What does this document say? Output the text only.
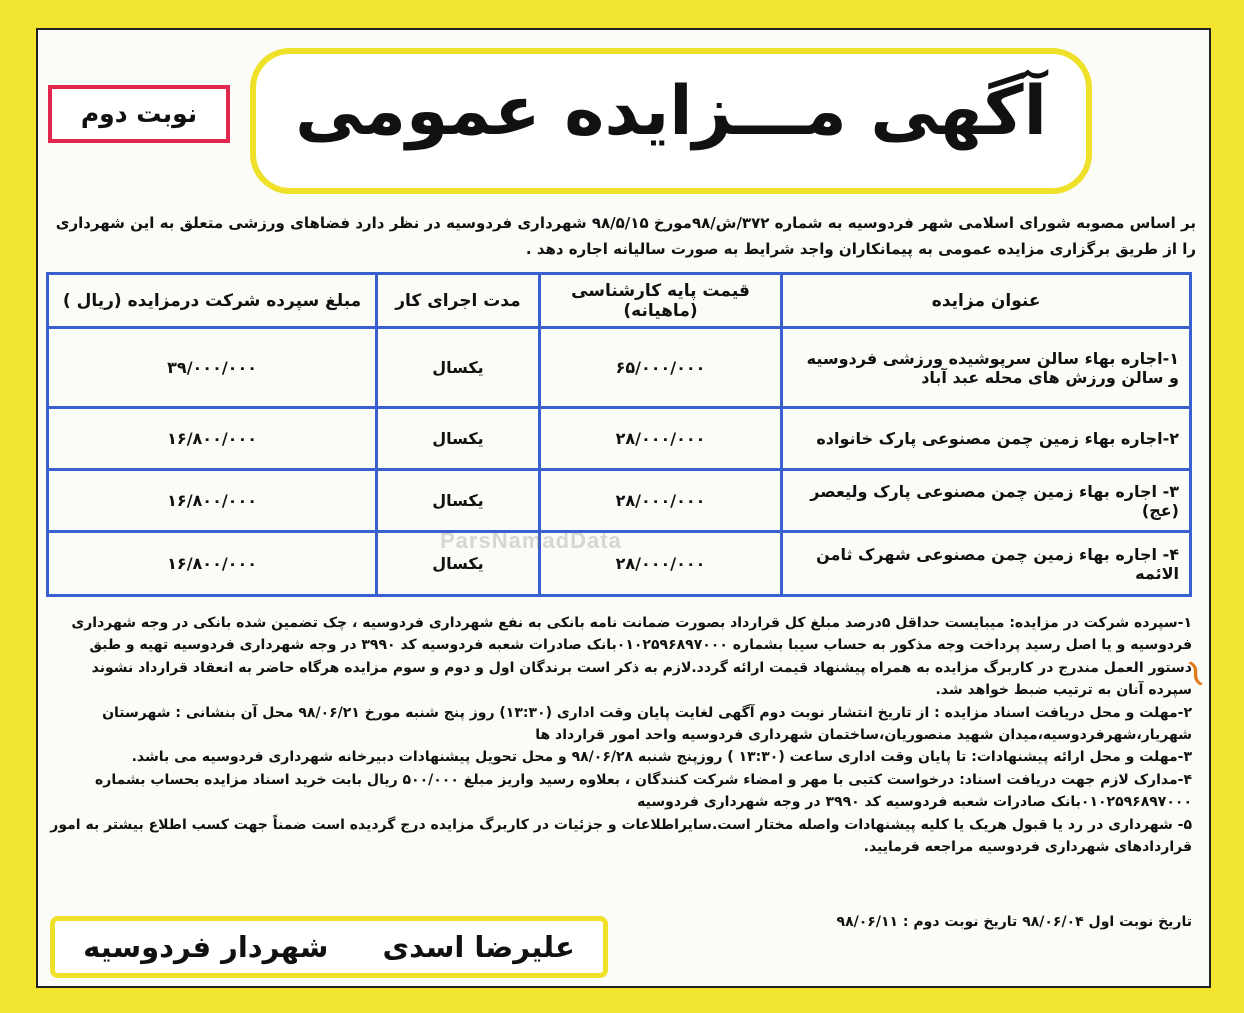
آگهی مـــزایده عمومی
نوبت دوم
بر اساس مصوبه شورای اسلامی شهر فردوسیه به شماره ۳۷۲/ش/۹۸مورخ ۹۸/۵/۱۵ شهرداری فردوسیه در نظر دارد فضاهای ورزشی متعلق به این شهرداری را از طریق برگزاری مزایده عمومی به پیمانکاران واجد شرایط به صورت سالیانه اجاره دهد .
عنوان مزایده	قیمت پایه کارشناسی (ماهیانه)	مدت اجرای کار	مبلغ سپرده شرکت درمزایده (ریال )
۱-اجاره بهاء سالن سرپوشیده ورزشی فردوسیه و سالن ورزش های محله عبد آباد	۶۵/۰۰۰/۰۰۰	یکسال	۳۹/۰۰۰/۰۰۰
۲-اجاره بهاء زمین چمن مصنوعی پارک خانواده	۲۸/۰۰۰/۰۰۰	یکسال	۱۶/۸۰۰/۰۰۰
۳- اجاره بهاء زمین چمن مصنوعی پارک ولیعصر (عج)	۲۸/۰۰۰/۰۰۰	یکسال	۱۶/۸۰۰/۰۰۰
۴- اجاره بهاء زمین چمن مصنوعی شهرک ثامن الائمه	۲۸/۰۰۰/۰۰۰	یکسال	۱۶/۸۰۰/۰۰۰
ParsNamadData

۱-سپرده شرکت در مزایده: میبایست حداقل ۵درصد مبلغ کل قرارداد بصورت ضمانت نامه بانکی به نفع شهرداری فردوسیه ، چک تضمین شده بانکی در وجه شهرداری فردوسیه و یا اصل رسید پرداخت وجه مذکور به حساب سیبا بشماره ۰۱۰۲۵۹۶۸۹۷۰۰۰بانک صادرات شعبه فردوسیه کد ۳۹۹۰ در وجه شهرداری فردوسیه تهیه و طبق دستور العمل مندرج در کاربرگ مزایده به همراه پیشنهاد قیمت ارائه گردد.لازم به ذکر است برندگان اول و دوم و سوم مزایده هرگاه حاضر به انعقاد قرارداد نشوند سپرده آنان به ترتیب ضبط خواهد شد.

۲-مهلت و محل دریافت اسناد مزایده : از تاریخ انتشار نوبت دوم آگهی لغایت پایان وقت اداری (۱۳:۳۰) روز پنج شنبه مورخ ۹۸/۰۶/۲۱ محل آن بنشانی : شهرستان شهریار،شهرفردوسیه،میدان شهید منصوریان،ساختمان شهرداری فردوسیه واحد امور قرارداد ها

۳-مهلت و محل ارائه پیشنهادات: تا پایان وقت اداری ساعت (۱۳:۳۰ ) روزپنج شنبه ۹۸/۰۶/۲۸ و محل تحویل پیشنهادات دبیرخانه شهرداری فردوسیه می باشد.

۴-مدارک لازم جهت دریافت اسناد: درخواست کتبی با مهر و امضاء شرکت کنندگان ، بعلاوه رسید واریز مبلغ ۵۰۰/۰۰۰ ریال بابت خرید اسناد مزایده بحساب بشماره ۰۱۰۲۵۹۶۸۹۷۰۰۰بانک صادرات شعبه فردوسیه کد ۳۹۹۰ در وجه شهرداری فردوسیه

۵- شهرداری در رد یا قبول هریک یا کلیه پیشنهادات واصله مختار است.سایراطلاعات و جزئیات در کاربرگ مزایده درج گردیده است ضمناً جهت کسب اطلاع بیشتر به امور قراردادهای شهرداری فردوسیه مراجعه فرمایید.

تاریخ نوبت اول ۹۸/۰۶/۰۴ تاریخ نوبت دوم : ۹۸/۰۶/۱۱
علیرضا اسدی شهردار فردوسیه
≀
